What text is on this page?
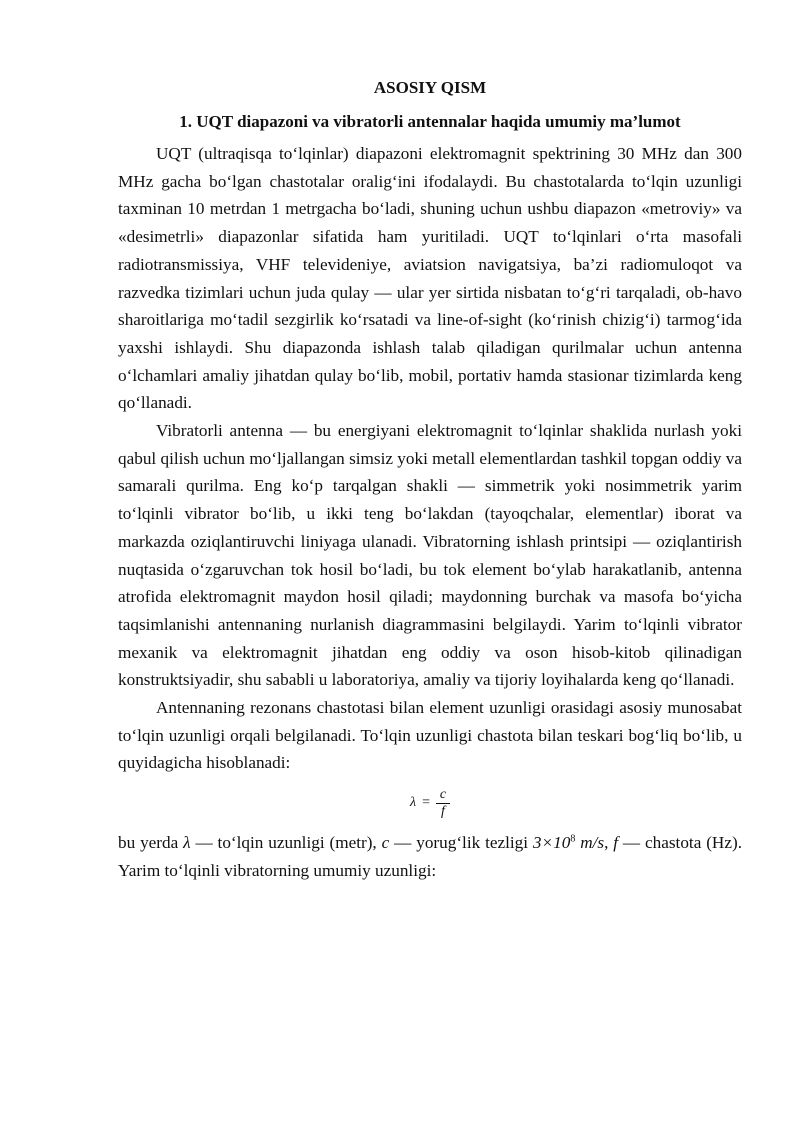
ASOSIY QISM
1. UQT diapazoni va vibratorli antennalar haqida umumiy ma’lumot

UQT (ultraqisqa to‘lqinlar) diapazoni elektromagnit spektrining 30 MHz dan 300 MHz gacha bo‘lgan chastotalar oralig‘ini ifodalaydi. Bu chastotalarda to‘lqin uzunligi taxminan 10 metrdan 1 metrgacha bo‘ladi, shuning uchun ushbu diapazon «metroviy» va «desimetrli» diapazonlar sifatida ham yuritiladi. UQT to‘lqinlari o‘rta masofali radiotransmissiya, VHF televideniye, aviatsion navigatsiya, ba’zi radiomuloqot va razvedka tizimlari uchun juda qulay — ular yer sirtida nisbatan to‘g‘ri tarqaladi, ob-havo sharoitlariga mo‘tadil sezgirlik ko‘rsatadi va line-of-sight (ko‘rinish chizig‘i) tarmog‘ida yaxshi ishlaydi. Shu diapazonda ishlash talab qiladigan qurilmalar uchun antenna o‘lchamlari amaliy jihatdan qulay bo‘lib, mobil, portativ hamda stasionar tizimlarda keng qo‘llanadi.

Vibratorli antenna — bu energiyani elektromagnit to‘lqinlar shaklida nurlash yoki qabul qilish uchun mo‘ljallangan simsiz yoki metall elementlardan tashkil topgan oddiy va samarali qurilma. Eng ko‘p tarqalgan shakli — simmetrik yoki nosimmetrik yarim to‘lqinli vibrator bo‘lib, u ikki teng bo‘lakdan (tayoqchalar, elementlar) iborat va markazda oziqlantiruvchi liniyaga ulanadi. Vibratorning ishlash printsipi — oziqlantirish nuqtasida o‘zgaruvchan tok hosil bo‘ladi, bu tok element bo‘ylab harakatlanib, antenna atrofida elektromagnit maydon hosil qiladi; maydonning burchak va masofa bo‘yicha taqsimlanishi antennaning nurlanish diagrammasini belgilaydi. Yarim to‘lqinli vibrator mexanik va elektromagnit jihatdan eng oddiy va oson hisob-kitob qilinadigan konstruktsiyadir, shu sababli u laboratoriya, amaliy va tijoriy loyihalarda keng qo‘llanadi.

Antennaning rezonans chastotasi bilan element uzunligi orasidagi asosiy munosabat to‘lqin uzunligi orqali belgilanadi. To‘lqin uzunligi chastota bilan teskari bog‘liq bo‘lib, u quyidagicha hisoblanadi:

$\lambda = \frac{c}{f}$

bu yerda λ — to‘lqin uzunligi (metr), c — yorug‘lik tezligi $3\times 10^8$ m/s, f — chastota (Hz). Yarim to‘lqinli vibratorning umumiy uzunligi:
